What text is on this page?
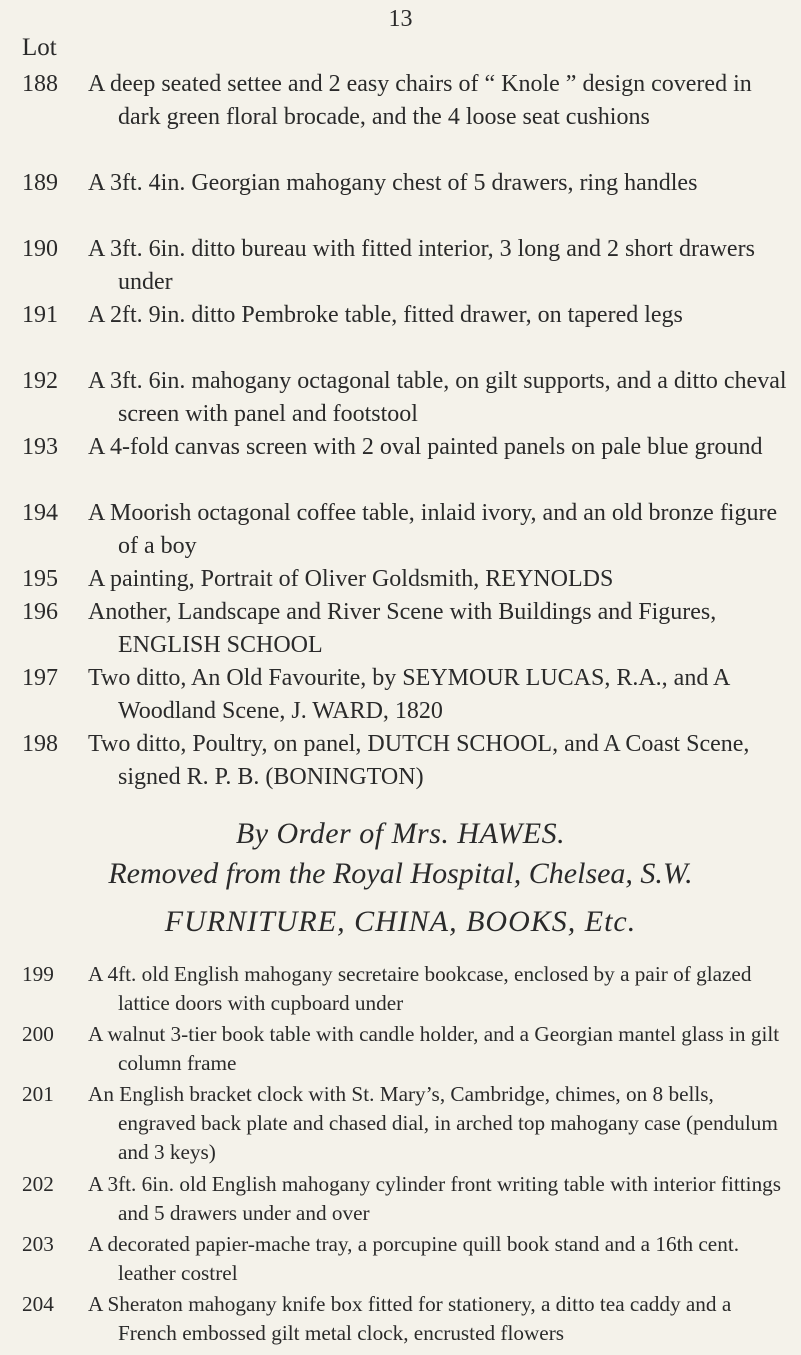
13
Lot
188	A deep seated settee and 2 easy chairs of “ Knole ” design covered in dark green floral brocade, and the 4 loose seat cushions
189	A 3ft. 4in. Georgian mahogany chest of 5 drawers, ring handles
190	A 3ft. 6in. ditto bureau with fitted interior, 3 long and 2 short drawers under
191	A 2ft. 9in. ditto Pembroke table, fitted drawer, on tapered legs
192	A 3ft. 6in. mahogany octagonal table, on gilt supports, and a ditto cheval screen with panel and footstool
193	A 4-fold canvas screen with 2 oval painted panels on pale blue ground
194	A Moorish octagonal coffee table, inlaid ivory, and an old bronze figure of a boy
195	A painting, Portrait of Oliver Goldsmith, REYNOLDS
196	Another, Landscape and River Scene with Buildings and Figures, ENGLISH SCHOOL
197	Two ditto, An Old Favourite, by SEYMOUR LUCAS, R.A., and A Woodland Scene, J. WARD, 1820
198	Two ditto, Poultry, on panel, DUTCH SCHOOL, and A Coast Scene, signed R. P. B. (BONINGTON)
By Order of Mrs. HAWES.
Removed from the Royal Hospital, Chelsea, S.W.
FURNITURE, CHINA, BOOKS, Etc.
199	A 4ft. old English mahogany secretaire bookcase, enclosed by a pair of glazed lattice doors with cupboard under
200	A walnut 3-tier book table with candle holder, and a Georgian mantel glass in gilt column frame
201	An English bracket clock with St. Mary’s, Cambridge, chimes, on 8 bells, engraved back plate and chased dial, in arched top mahogany case (pendulum and 3 keys)
202	A 3ft. 6in. old English mahogany cylinder front writing table with interior fittings and 5 drawers under and over
203	A decorated papier-mache tray, a porcupine quill book stand and a 16th cent. leather costrel
204	A Sheraton mahogany knife box fitted for stationery, a ditto tea caddy and a French embossed gilt metal clock, encrusted flowers
